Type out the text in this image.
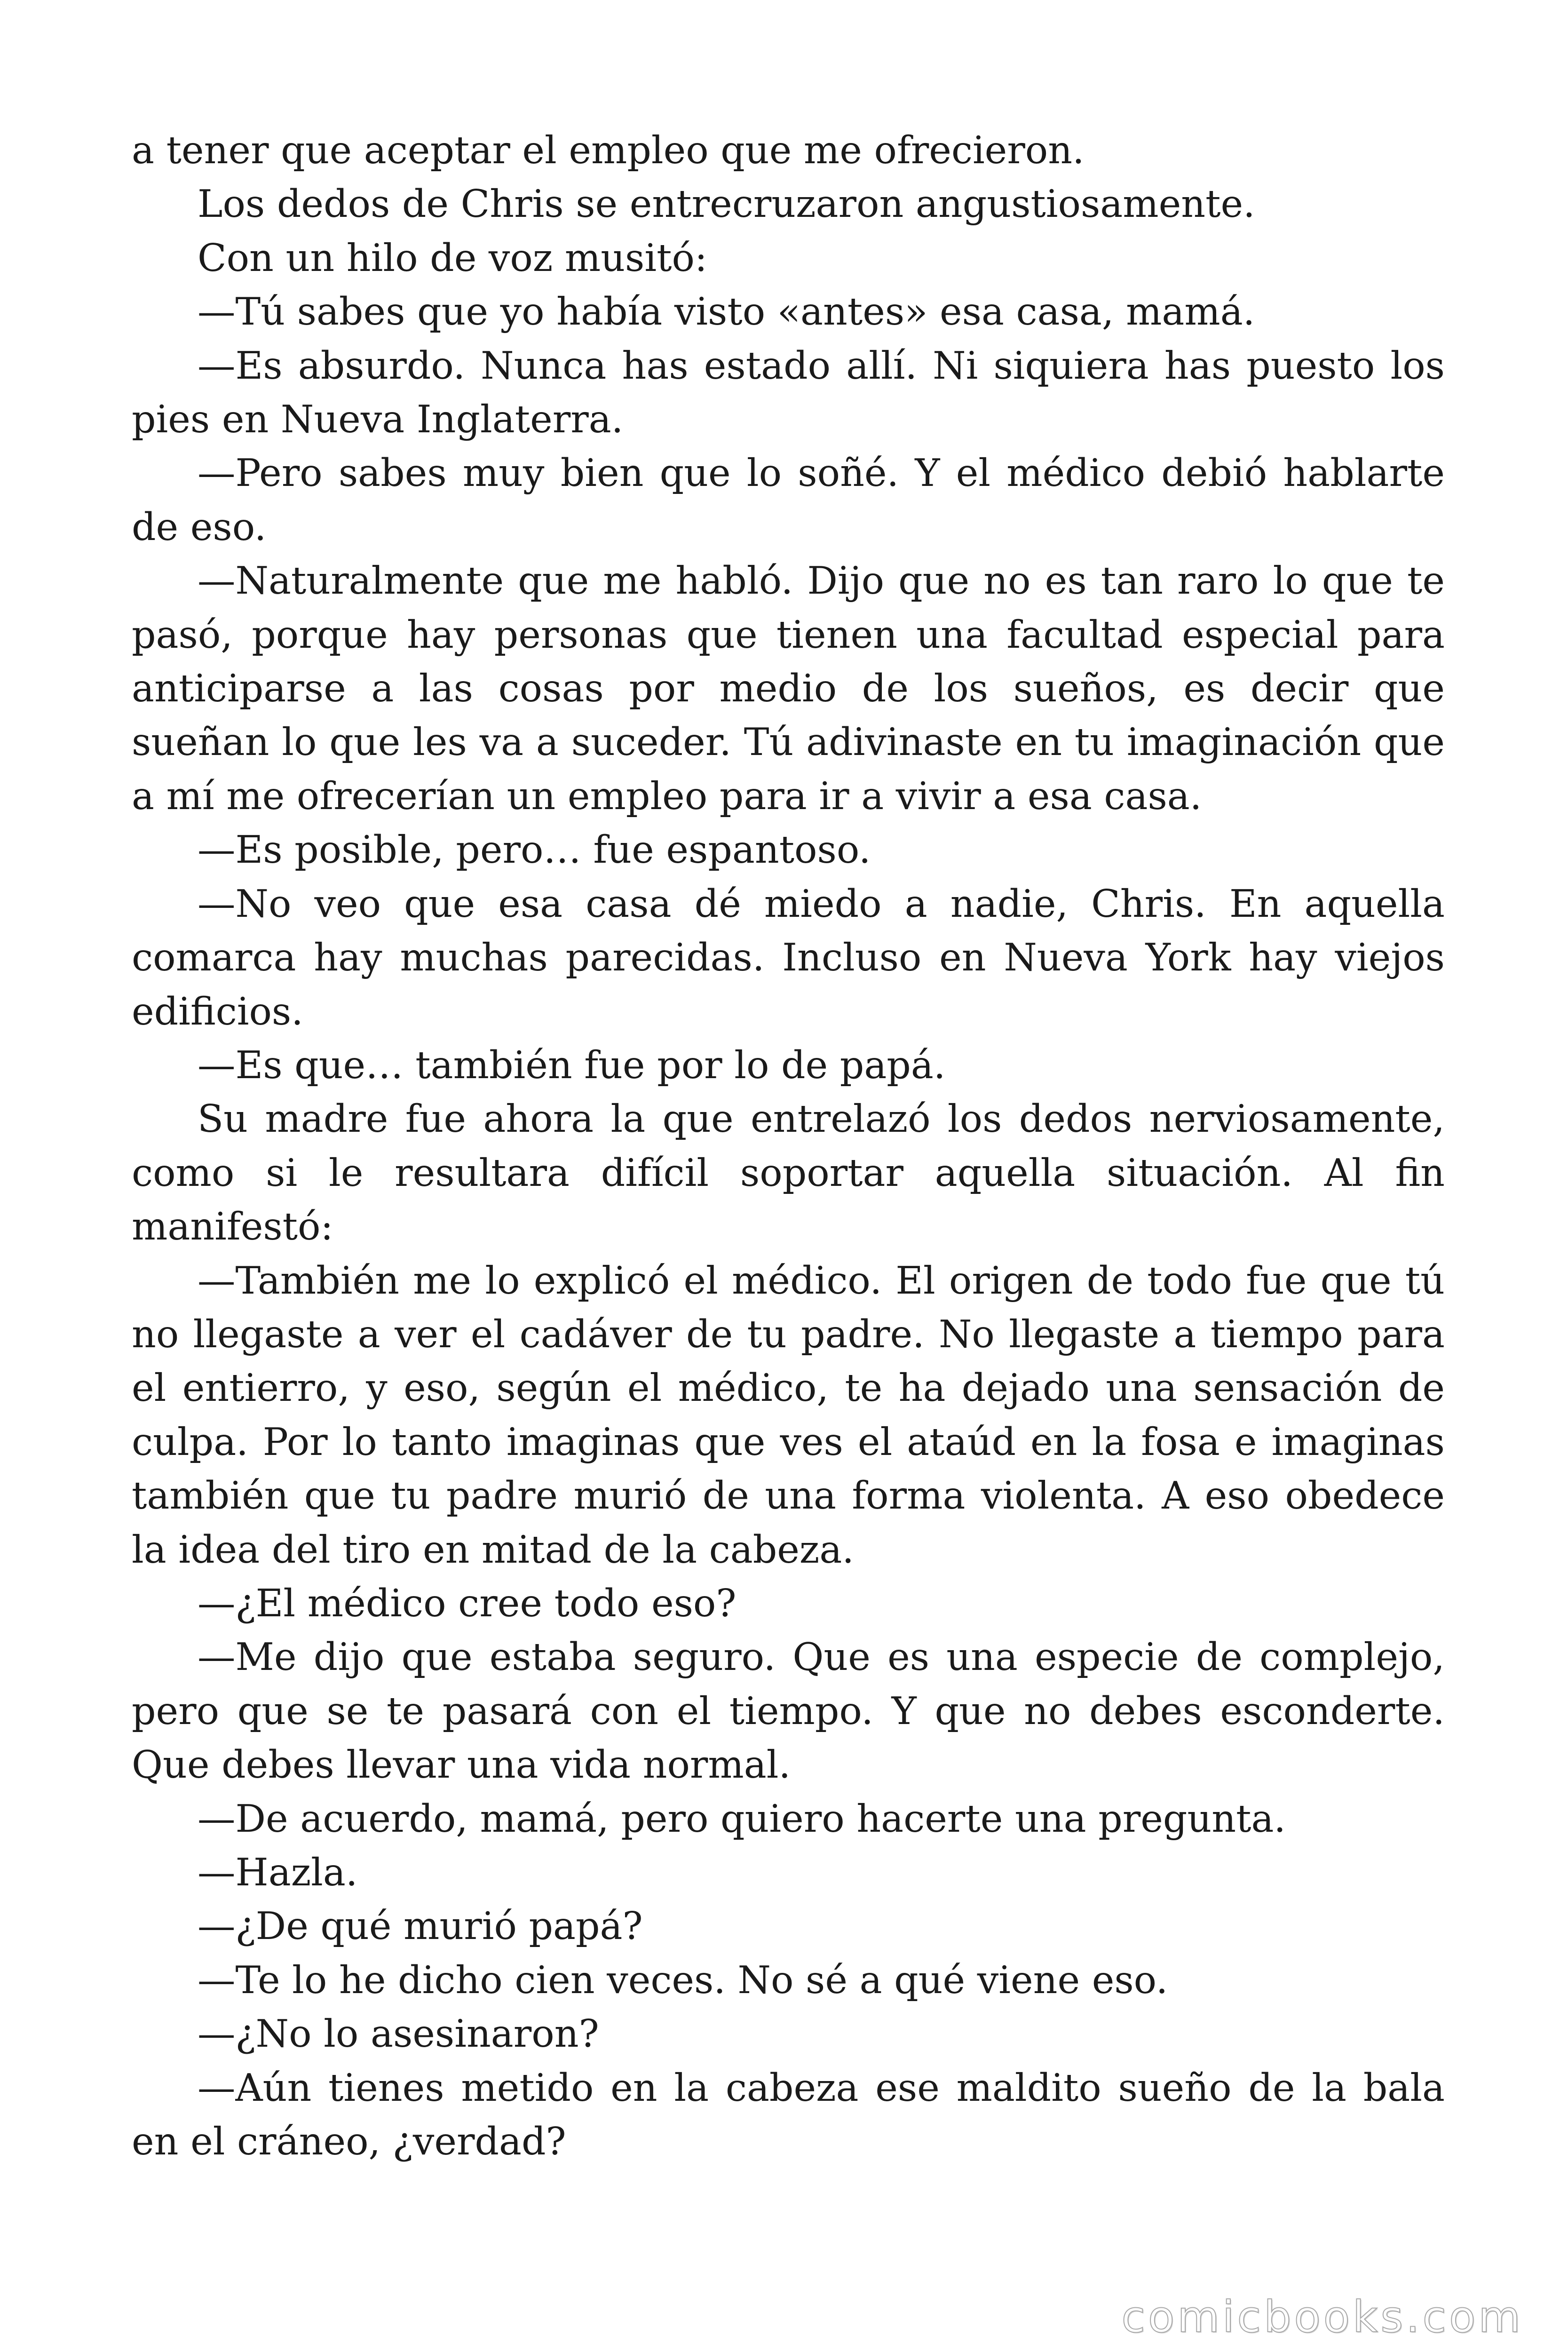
a tener que aceptar el empleo que me ofrecieron.

Los dedos de Chris se entrecruzaron angustiosamente.

Con un hilo de voz musitó:

—Tú sabes que yo había visto «antes» esa casa, mamá.

—Es absurdo. Nunca has estado allí. Ni siquiera has puesto los pies en Nueva Inglaterra.

—Pero sabes muy bien que lo soñé. Y el médico debió hablarte de eso.

—Naturalmente que me habló. Dijo que no es tan raro lo que te pasó, porque hay personas que tienen una facultad especial para anticiparse a las cosas por medio de los sueños, es decir que sueñan lo que les va a suceder. Tú adivinaste en tu imaginación que a mí me ofrecerían un empleo para ir a vivir a esa casa.

—Es posible, pero… fue espantoso.

—No veo que esa casa dé miedo a nadie, Chris. En aquella comarca hay muchas parecidas. Incluso en Nueva York hay viejos edificios.

—Es que… también fue por lo de papá.

Su madre fue ahora la que entrelazó los dedos nerviosamente, como si le resultara difícil soportar aquella situación. Al fin manifestó:

—También me lo explicó el médico. El origen de todo fue que tú no llegaste a ver el cadáver de tu padre. No llegaste a tiempo para el entierro, y eso, según el médico, te ha dejado una sensación de culpa. Por lo tanto imaginas que ves el ataúd en la fosa e imaginas también que tu padre murió de una forma violenta. A eso obedece la idea del tiro en mitad de la cabeza.

—¿El médico cree todo eso?

—Me dijo que estaba seguro. Que es una especie de complejo, pero que se te pasará con el tiempo. Y que no debes esconderte. Que debes llevar una vida normal.

—De acuerdo, mamá, pero quiero hacerte una pregunta.

—Hazla.

—¿De qué murió papá?

—Te lo he dicho cien veces. No sé a qué viene eso.

—¿No lo asesinaron?

—Aún tienes metido en la cabeza ese maldito sueño de la bala en el cráneo, ¿verdad?

comicbooks.com
